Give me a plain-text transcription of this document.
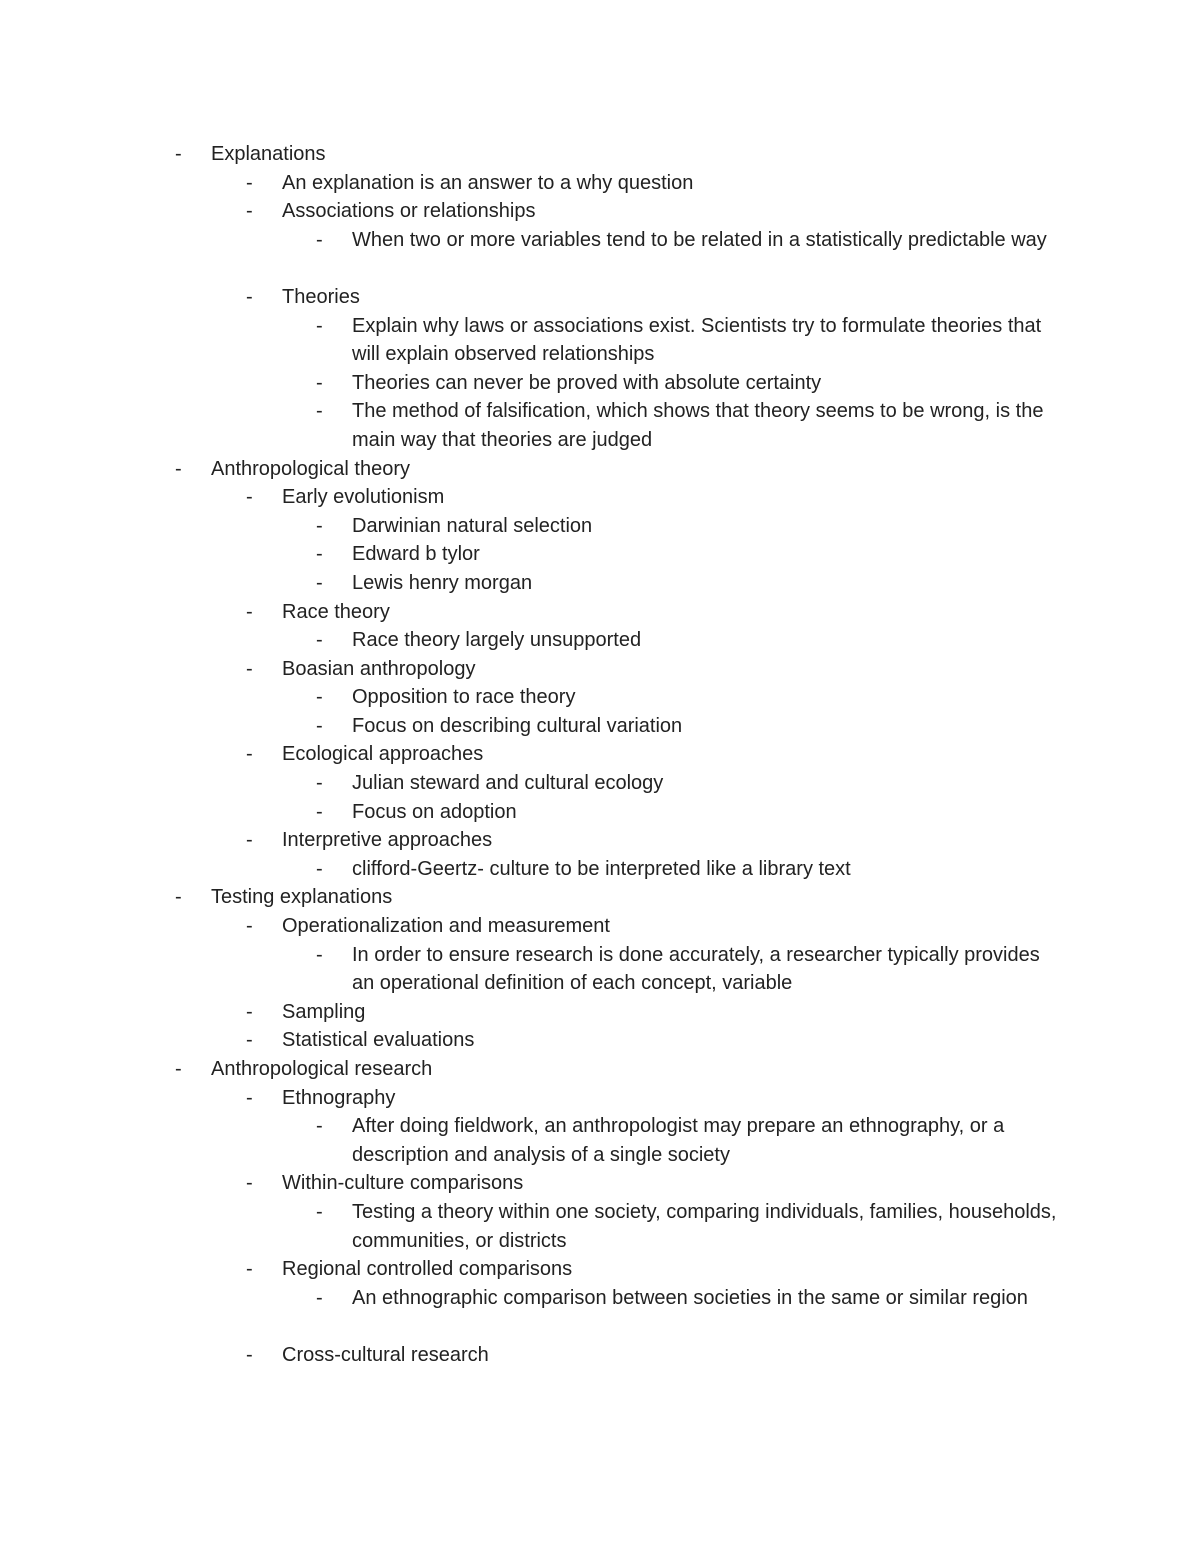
-	Explanations
-	An explanation is an answer to a why question
-	Associations or relationships
-	When two or more variables tend to be related in a statistically predictable way
-	Theories
-	Explain why laws or associations exist. Scientists try to formulate theories that will explain observed relationships
-	Theories can never be proved with absolute certainty
-	The method of falsification, which shows that theory seems to be wrong, is the main way that theories are judged
-	Anthropological theory
-	Early evolutionism
-	Darwinian natural selection
-	Edward b tylor
-	Lewis henry morgan
-	Race theory
-	Race theory largely unsupported
-	Boasian anthropology
-	Opposition to race theory
-	Focus on describing cultural variation
-	Ecological approaches
-	Julian steward and cultural ecology
-	Focus on adoption
-	Interpretive approaches
-	clifford-Geertz- culture to be interpreted like a library text
-	Testing explanations
-	Operationalization and measurement
-	In order to ensure research is done accurately, a researcher typically provides an operational definition of each concept, variable
-	Sampling
-	Statistical evaluations
-	Anthropological research
-	Ethnography
-	After doing fieldwork, an anthropologist may prepare an ethnography, or a description and analysis of a single society
-	Within-culture comparisons
-	Testing a theory within one society, comparing individuals, families, households, communities, or districts
-	Regional controlled comparisons
-	An ethnographic comparison between societies in the same or similar region
-	Cross-cultural research
